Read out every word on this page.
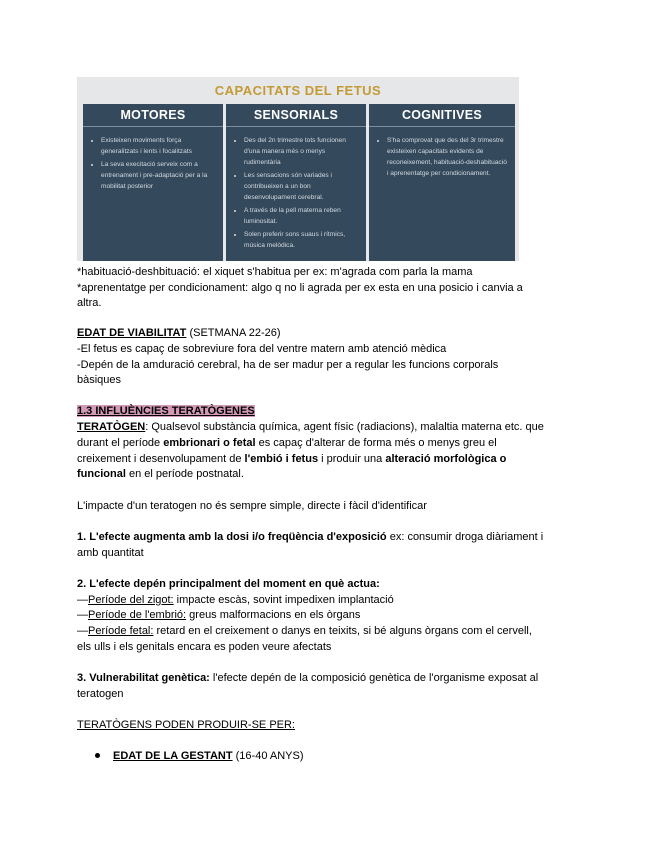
CAPACITATS DEL FETUS
MOTORES
• Existeixen moviments força generalitzats i lents i focalitzats
• La seva execitació serveix com a entrenament i pre-adaptació per a la mobilitat posterior
SENSORIALS
• Des del 2n trimestre tots funcionen d'una manera més o menys rudimentària
• Les sensacions són variades i contribueixen a un bon desenvolupament cerebral.
• A través de la pell materna reben luminositat.
• Solen preferir sons suaus i rítmics, música melòdica.
COGNITIVES
• S'ha comprovat que des del 3r trimestre existeixen capacitats evidents de reconeixement, habituació-deshabituació i aprenentatge per condicionament.
*habituació-deshbituació: el xiquet s'habitua per ex: m'agrada com parla la mama
*aprenentatge per condicionament: algo q no li agrada per ex esta en una posicio i canvia a
altra.
EDAT DE VIABILITAT (SETMANA 22-26)
-El fetus es capaç de sobreviure fora del ventre matern amb atenció mèdica
-Depén de la amduració cerebral, ha de ser madur per a regular les funcions corporals
bàsiques
1.3 INFLUÈNCIES TERATÒGENES
TERATÒGEN: Qualsevol substància química, agent físic (radiacions), malaltia materna etc. que
durant el període embrionari o fetal es capaç d'alterar de forma més o menys greu el
creixement i desenvolupament de l'embió i fetus i produir una alteració morfològica o
funcional en el període postnatal.
L'impacte d'un teratogen no és sempre simple, directe i fàcil d'identificar
1. L'efecte augmenta amb la dosi i/o freqüència d'exposició ex: consumir droga diàriament i
amb quantitat
2. L'efecte depén principalment del moment en què actua:
—Període del zigot: impacte escàs, sovint impedixen implantació
—Període de l'embrió: greus malformacions en els òrgans
—Període fetal: retard en el creixement o danys en teixits, si bé alguns òrgans com el cervell,
els ulls i els genitals encara es poden veure afectats
3. Vulnerabilitat genètica: l'efecte depén de la composició genètica de l'organisme exposat al
teratogen
TERATÒGENS PODEN PRODUIR-SE PER:
EDAT DE LA GESTANT (16-40 ANYS)
